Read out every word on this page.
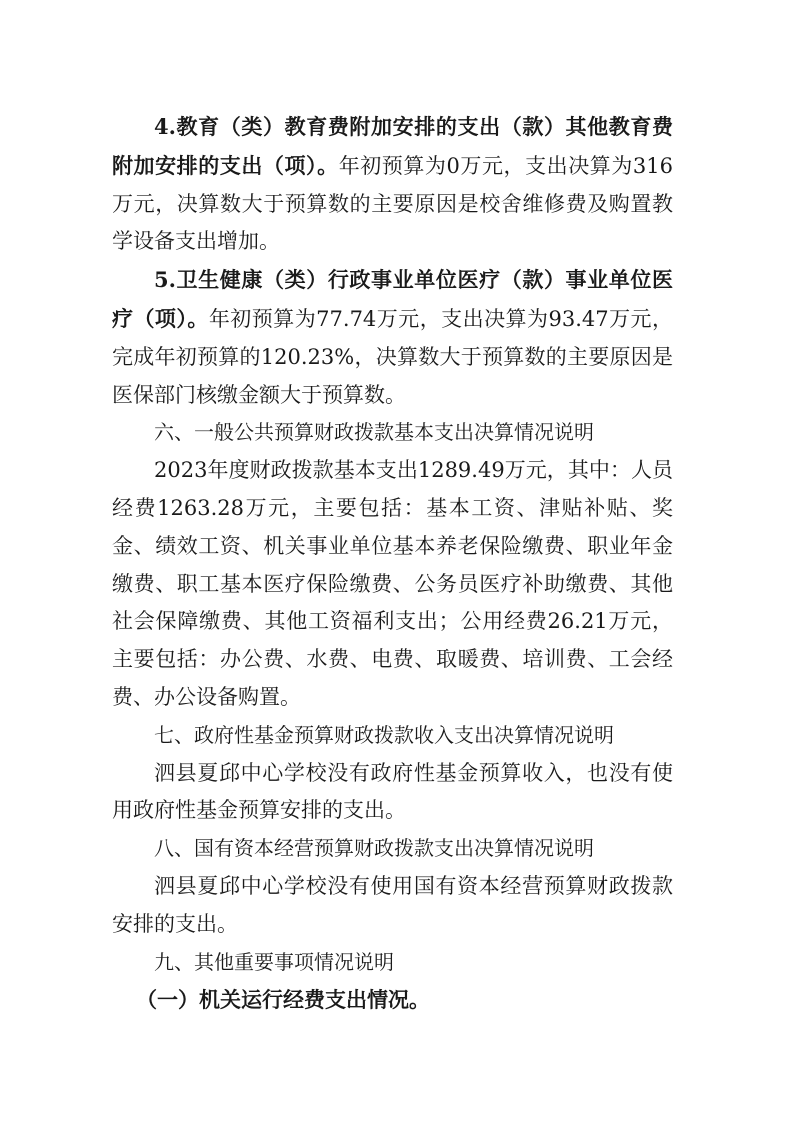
4.教育（类）教育费附加安排的支出（款）其他教育费附加安排的支出（项）。年初预算为0万元，支出决算为316万元，决算数大于预算数的主要原因是校舍维修费及购置教学设备支出增加。

5.卫生健康（类）行政事业单位医疗（款）事业单位医疗（项）。年初预算为77.74万元，支出决算为93.47万元，完成年初预算的120.23%，决算数大于预算数的主要原因是医保部门核缴金额大于预算数。

六、一般公共预算财政拨款基本支出决算情况说明

2023年度财政拨款基本支出1289.49万元，其中：人员经费1263.28万元，主要包括：基本工资、津贴补贴、奖金、绩效工资、机关事业单位基本养老保险缴费、职业年金缴费、职工基本医疗保险缴费、公务员医疗补助缴费、其他社会保障缴费、其他工资福利支出；公用经费26.21万元，主要包括：办公费、水费、电费、取暖费、培训费、工会经费、办公设备购置。

七、政府性基金预算财政拨款收入支出决算情况说明

泗县夏邱中心学校没有政府性基金预算收入，也没有使用政府性基金预算安排的支出。

八、国有资本经营预算财政拨款支出决算情况说明

泗县夏邱中心学校没有使用国有资本经营预算财政拨款安排的支出。

九、其他重要事项情况说明

（一）机关运行经费支出情况。
